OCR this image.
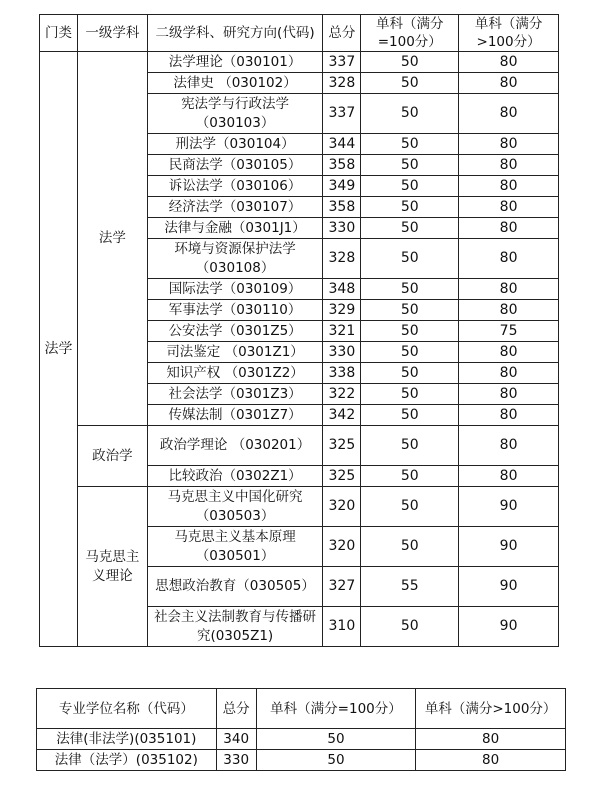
门类	一级学科	二级学科、研究方向(代码)	总分	单科（满分=100分）	单科（满分>100分）
法学	法学	法学理论（030101）	337	50	80
		法律史 （030102）	328	50	80
		宪法学与行政法学（030103）	337	50	80
		刑法学（030104）	344	50	80
		民商法学（030105）	358	50	80
		诉讼法学（030106）	349	50	80
		经济法学（030107）	358	50	80
		法律与金融（0301J1）	330	50	80
		环境与资源保护法学（030108）	328	50	80
		国际法学（030109）	348	50	80
		军事法学（030110）	329	50	80
		公安法学（0301Z5）	321	50	75
		司法鉴定 （0301Z1）	330	50	80
		知识产权 （0301Z2）	338	50	80
		社会法学（0301Z3）	322	50	80
		传媒法制（0301Z7）	342	50	80
	政治学	政治学理论 （030201）	325	50	80
		比较政治（0302Z1）	325	50	80
	马克思主义理论	马克思主义中国化研究（030503）	320	50	90
		马克思主义基本原理（030501）	320	50	90
		思想政治教育（030505）	327	55	90
		社会主义法制教育与传播研究(0305Z1)	310	50	90
专业学位名称（代码）	总分	单科（满分=100分）	单科（满分>100分）
法律(非法学)(035101)	340	50	80
法律（法学）(035102)	330	50	80
